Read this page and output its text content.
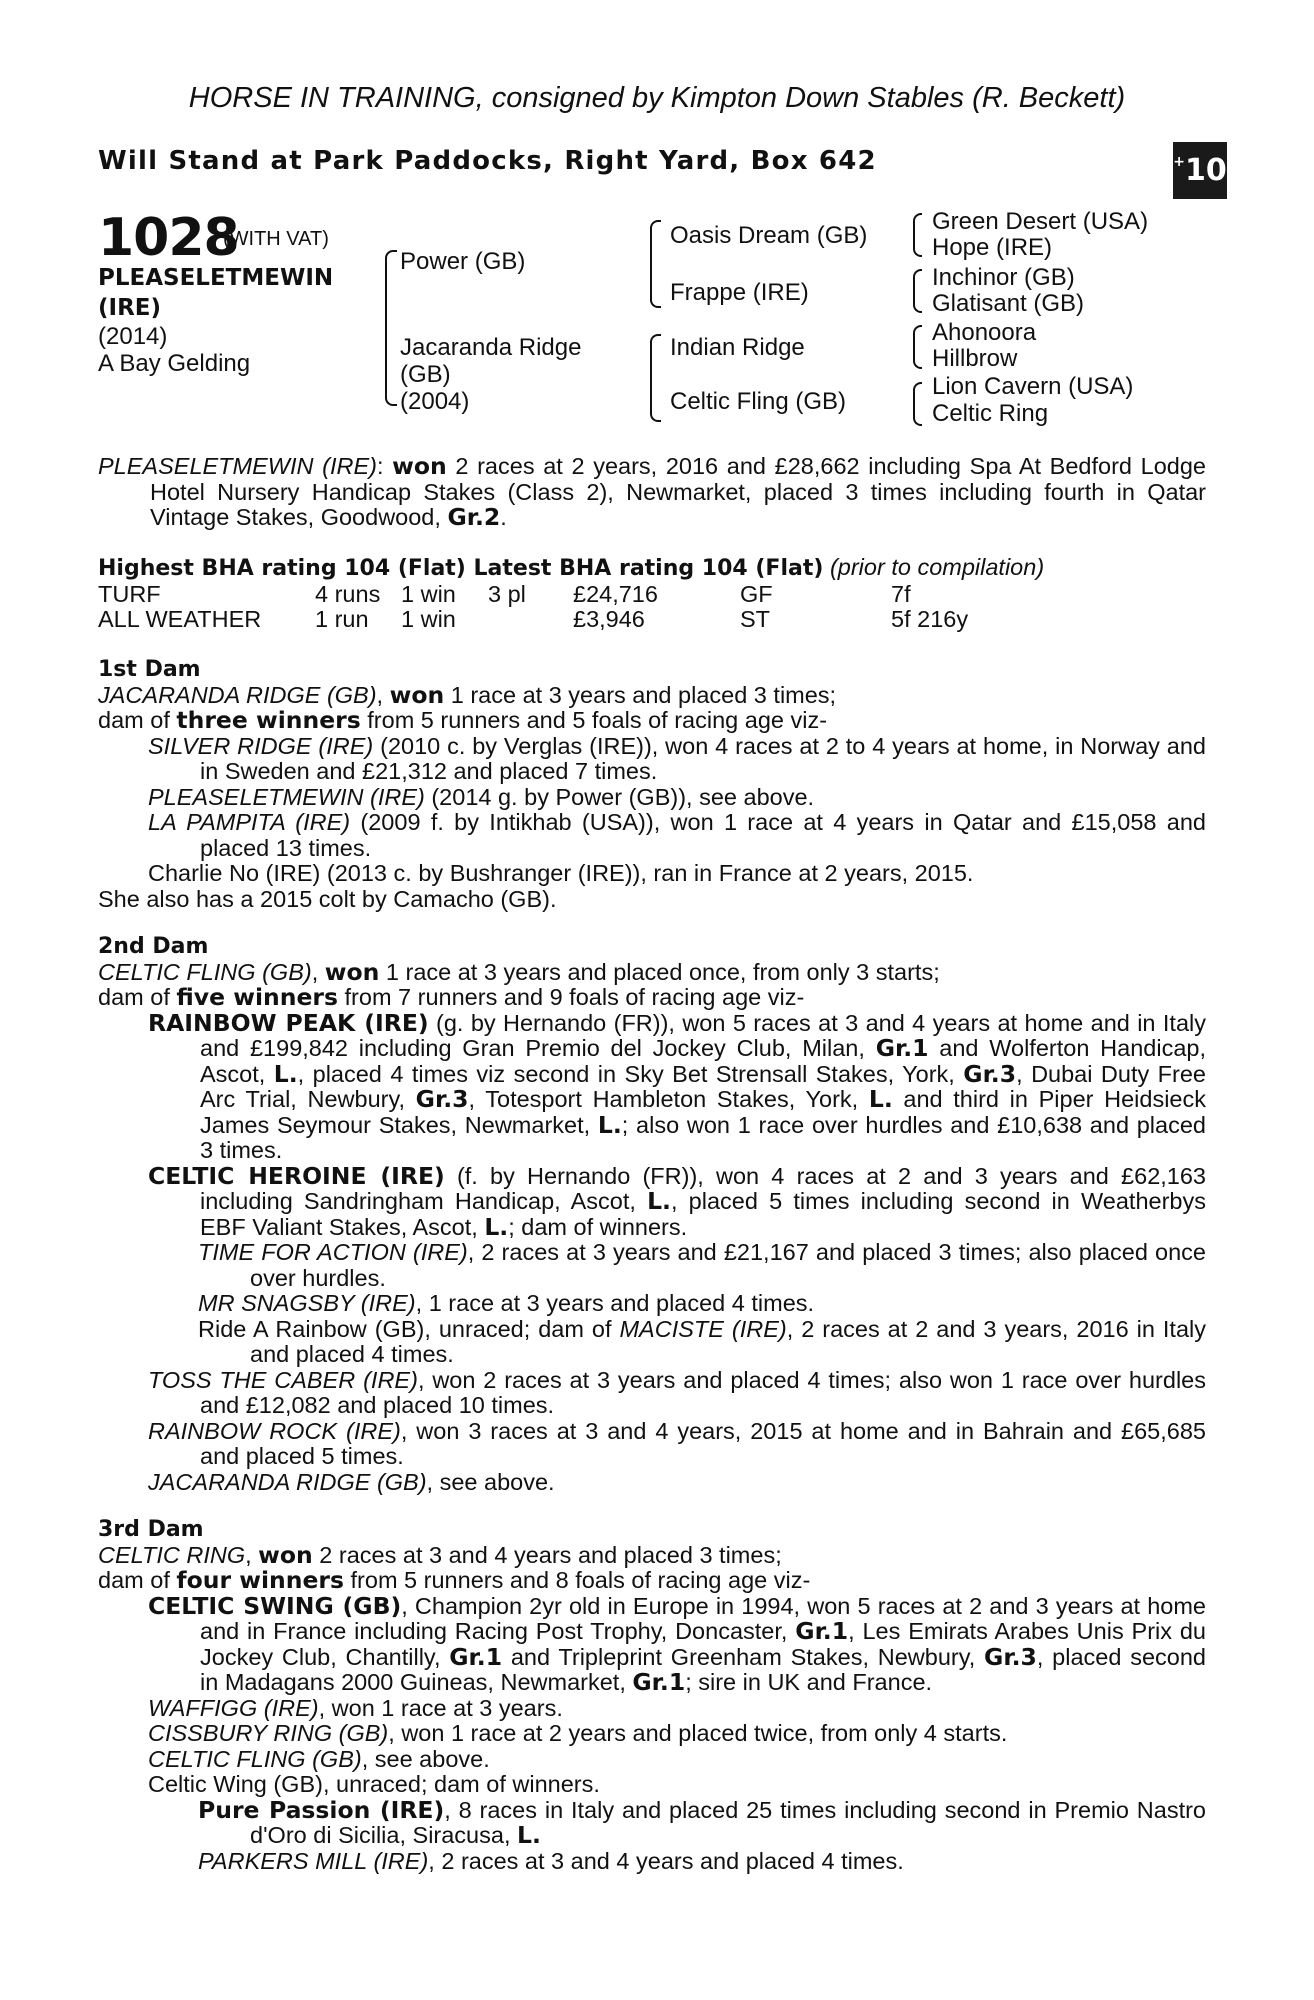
HORSE IN TRAINING, consigned by Kimpton Down Stables (R. Beckett)
Will Stand at Park Paddocks, Right Yard, Box 642	+10
1028
(WITH VAT)
PLEASELETMEWIN
(IRE)
(2014)
A Bay Gelding
Power (GB)
Jacaranda Ridge
(GB)
(2004)
Oasis Dream (GB)
Frappe (IRE)
Indian Ridge
Celtic Fling (GB)
Green Desert (USA)
Hope (IRE)
Inchinor (GB)
Glatisant (GB)
Ahonoora
Hillbrow
Lion Cavern (USA)
Celtic Ring

PLEASELETMEWIN (IRE): won 2 races at 2 years, 2016 and £28,662 including Spa At Bedford Lodge Hotel Nursery Handicap Stakes (Class 2), Newmarket, placed 3 times including fourth in Qatar Vintage Stakes, Goodwood, Gr.2.

Highest BHA rating 104 (Flat) Latest BHA rating 104 (Flat) (prior to compilation)

TURF	4 runs	1 win	3 pl	£24,716	GF	7f
ALL WEATHER	1 run	1 win		£3,946	ST	5f 216y

1st Dam

JACARANDA RIDGE (GB), won 1 race at 3 years and placed 3 times;

dam of three winners from 5 runners and 5 foals of racing age viz-

SILVER RIDGE (IRE) (2010 c. by Verglas (IRE)), won 4 races at 2 to 4 years at home, in Norway and in Sweden and £21,312 and placed 7 times.

PLEASELETMEWIN (IRE) (2014 g. by Power (GB)), see above.

LA PAMPITA (IRE) (2009 f. by Intikhab (USA)), won 1 race at 4 years in Qatar and £15,058 and placed 13 times.

Charlie No (IRE) (2013 c. by Bushranger (IRE)), ran in France at 2 years, 2015.

She also has a 2015 colt by Camacho (GB).

2nd Dam

CELTIC FLING (GB), won 1 race at 3 years and placed once, from only 3 starts;

dam of five winners from 7 runners and 9 foals of racing age viz-

RAINBOW PEAK (IRE) (g. by Hernando (FR)), won 5 races at 3 and 4 years at home and in Italy and £199,842 including Gran Premio del Jockey Club, Milan, Gr.1 and Wolferton Handicap, Ascot, L., placed 4 times viz second in Sky Bet Strensall Stakes, York, Gr.3, Dubai Duty Free Arc Trial, Newbury, Gr.3, Totesport Hambleton Stakes, York, L. and third in Piper Heidsieck James Seymour Stakes, Newmarket, L.; also won 1 race over hurdles and £10,638 and placed 3 times.

CELTIC HEROINE (IRE) (f. by Hernando (FR)), won 4 races at 2 and 3 years and £62,163 including Sandringham Handicap, Ascot, L., placed 5 times including second in Weatherbys EBF Valiant Stakes, Ascot, L.; dam of winners.

TIME FOR ACTION (IRE), 2 races at 3 years and £21,167 and placed 3 times; also placed once over hurdles.

MR SNAGSBY (IRE), 1 race at 3 years and placed 4 times.

Ride A Rainbow (GB), unraced; dam of MACISTE (IRE), 2 races at 2 and 3 years, 2016 in Italy and placed 4 times.

TOSS THE CABER (IRE), won 2 races at 3 years and placed 4 times; also won 1 race over hurdles and £12,082 and placed 10 times.

RAINBOW ROCK (IRE), won 3 races at 3 and 4 years, 2015 at home and in Bahrain and £65,685 and placed 5 times.

JACARANDA RIDGE (GB), see above.

3rd Dam

CELTIC RING, won 2 races at 3 and 4 years and placed 3 times;

dam of four winners from 5 runners and 8 foals of racing age viz-

CELTIC SWING (GB), Champion 2yr old in Europe in 1994, won 5 races at 2 and 3 years at home and in France including Racing Post Trophy, Doncaster, Gr.1, Les Emirats Arabes Unis Prix du Jockey Club, Chantilly, Gr.1 and Tripleprint Greenham Stakes, Newbury, Gr.3, placed second in Madagans 2000 Guineas, Newmarket, Gr.1; sire in UK and France.

WAFFIGG (IRE), won 1 race at 3 years.

CISSBURY RING (GB), won 1 race at 2 years and placed twice, from only 4 starts.

CELTIC FLING (GB), see above.

Celtic Wing (GB), unraced; dam of winners.

Pure Passion (IRE), 8 races in Italy and placed 25 times including second in Premio Nastro d'Oro di Sicilia, Siracusa, L.

PARKERS MILL (IRE), 2 races at 3 and 4 years and placed 4 times.
